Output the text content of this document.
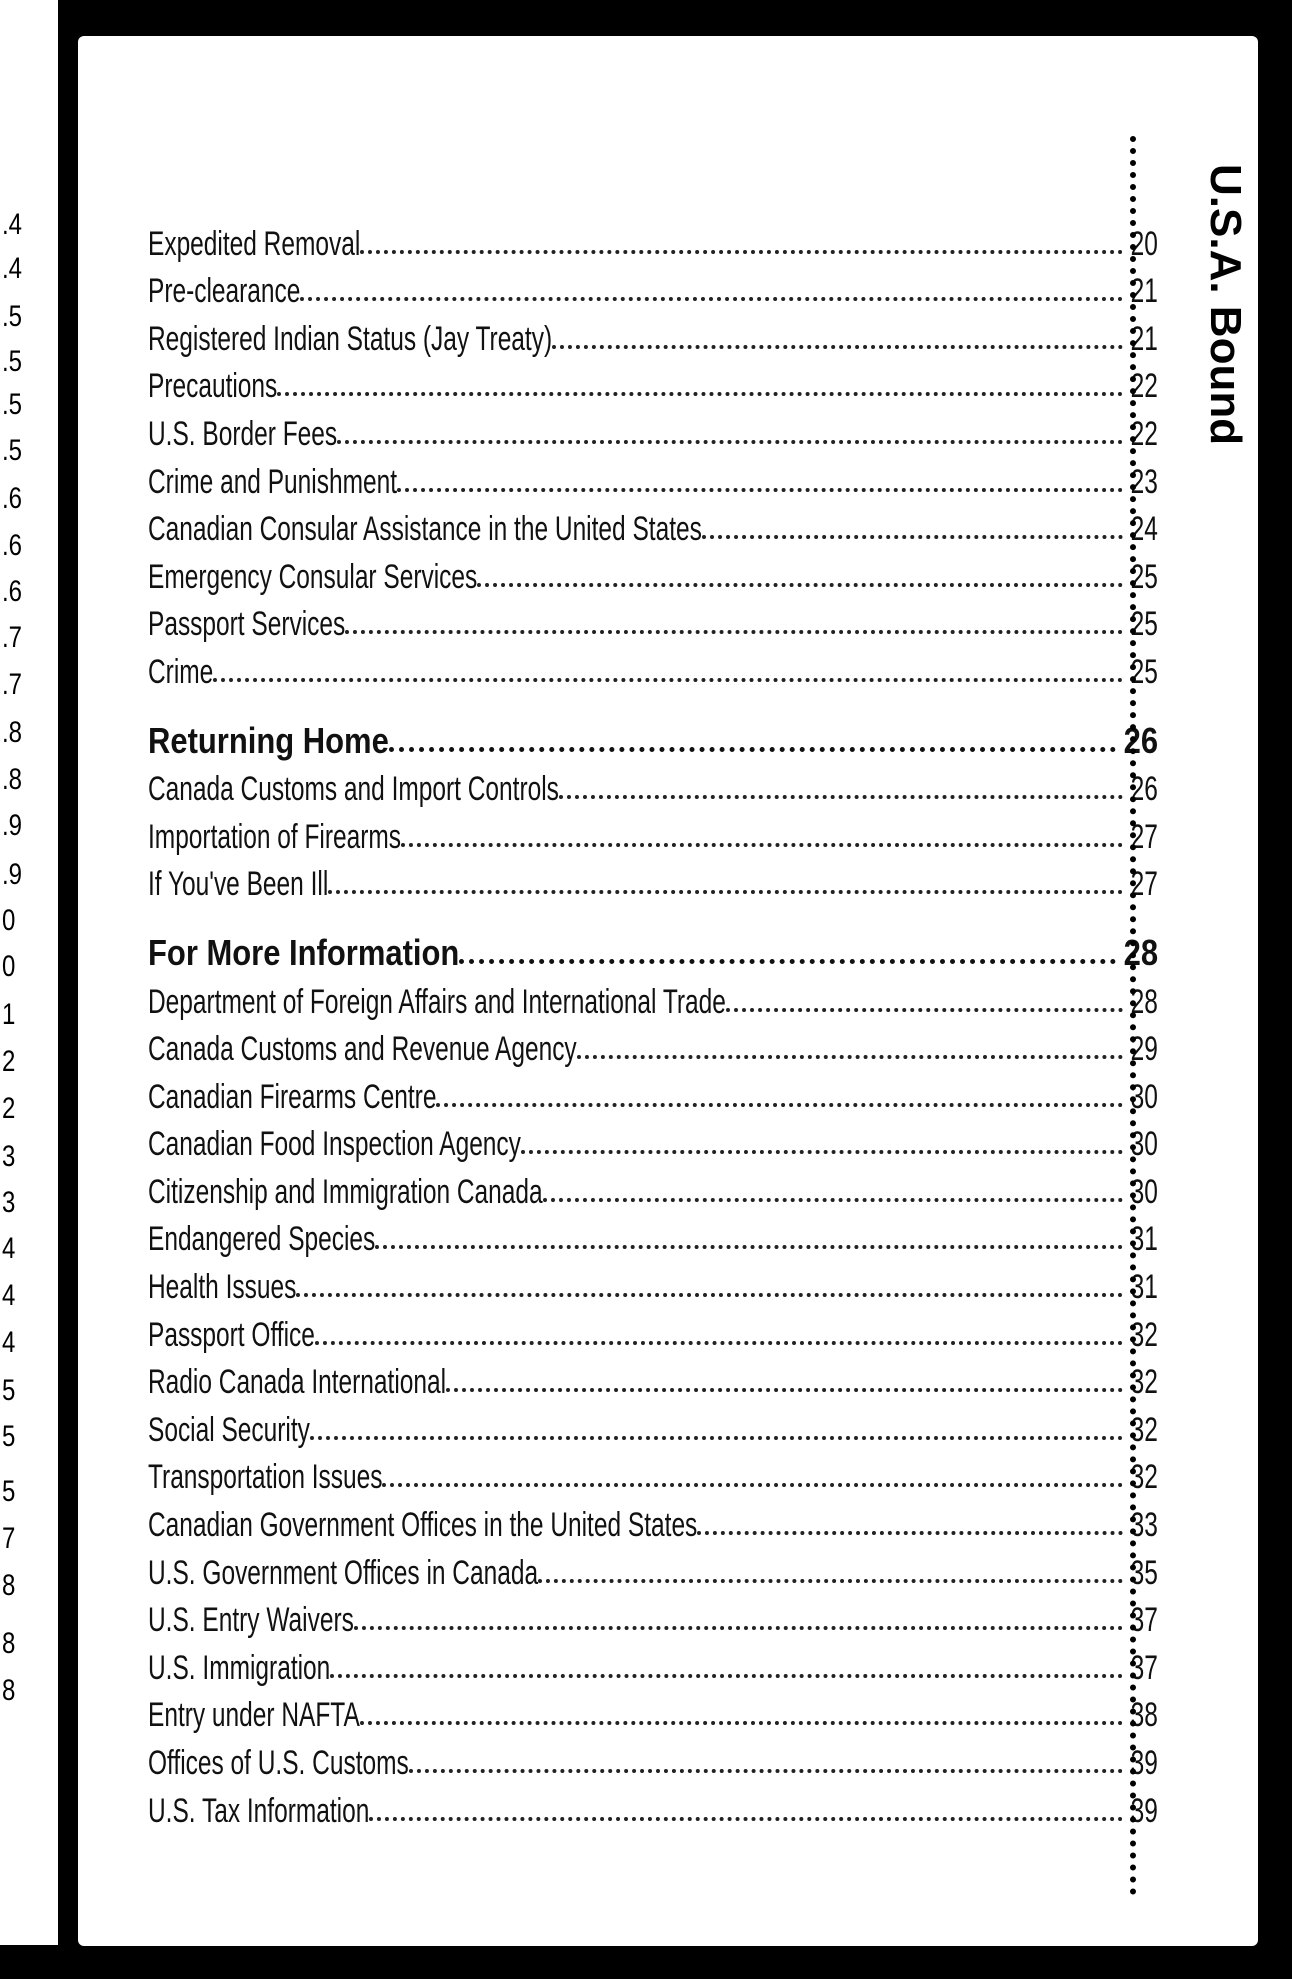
.4
.4
.5
.5
.5
.5
.6
.6
.6
.7
.7
.8
.8
.9
.9
0
0
1
2
2
3
3
4
4
4
5
5
5
7
8
8
8
Expedited Removal	20
Pre-clearance	21
Registered Indian Status (Jay Treaty)	21
Precautions	22
U.S. Border Fees	22
Crime and Punishment	23
Canadian Consular Assistance in the United States	24
Emergency Consular Services	25
Passport Services	25
Crime	25
Returning Home	26
Canada Customs and Import Controls	26
Importation of Firearms	27
If You've Been Ill	27
For More Information	28
Department of Foreign Affairs and International Trade	28
Canada Customs and Revenue Agency	29
Canadian Firearms Centre	30
Canadian Food Inspection Agency	30
Citizenship and Immigration Canada	30
Endangered Species	31
Health Issues	31
Passport Office	32
Radio Canada International	32
Social Security	32
Transportation Issues	32
Canadian Government Offices in the United States	33
U.S. Government Offices in Canada	35
U.S. Entry Waivers	37
U.S. Immigration	37
Entry under NAFTA	38
Offices of U.S. Customs	39
U.S. Tax Information	39
U.S.A. Bound
